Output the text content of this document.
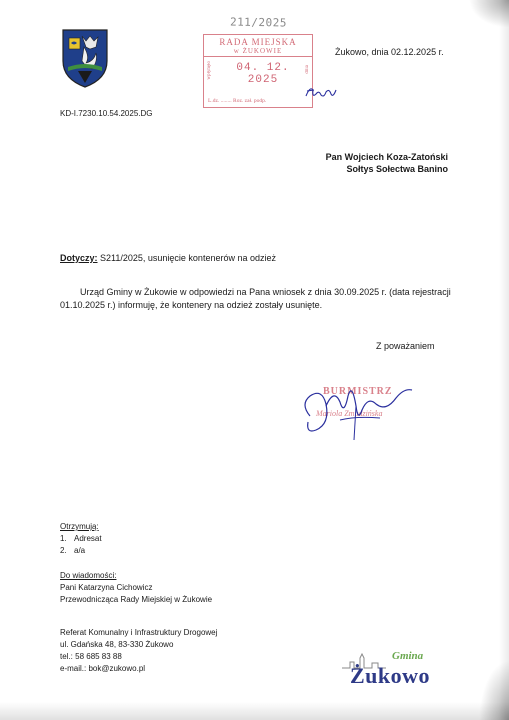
211/2025
RADA MIEJSKA
w ŻUKOWIE
wpłynęło	04. 12. 2025
dnia
L.dz. ........ Roz. zał. podp.
Żukowo, dnia 02.12.2025 r.
KD-I.7230.10.54.2025.DG
Pan Wojciech Koza-Zatoński
Sołtys Sołectwa Banino
Dotyczy: S211/2025, usunięcie kontenerów na odzież
Urząd Gminy w Żukowie w odpowiedzi na Pana wniosek z dnia 30.09.2025 r. (data rejestracji
01.10.2025 r.) informuję, że kontenery na odzież zostały usunięte.
Z poważaniem
BURMISTRZ
Mariola Zmudzińska
Otrzymują:
1. Adresat
2. a/a
Do wiadomości:
Pani Katarzyna Cichowicz
Przewodnicząca Rady Miejskiej w Żukowie
Referat Komunalny i Infrastruktury Drogowej
ul. Gdańska 48, 83-330 Żukowo
tel.: 58 685 83 88
e-mail.: bok@zukowo.pl
Gmina
Żukowo
